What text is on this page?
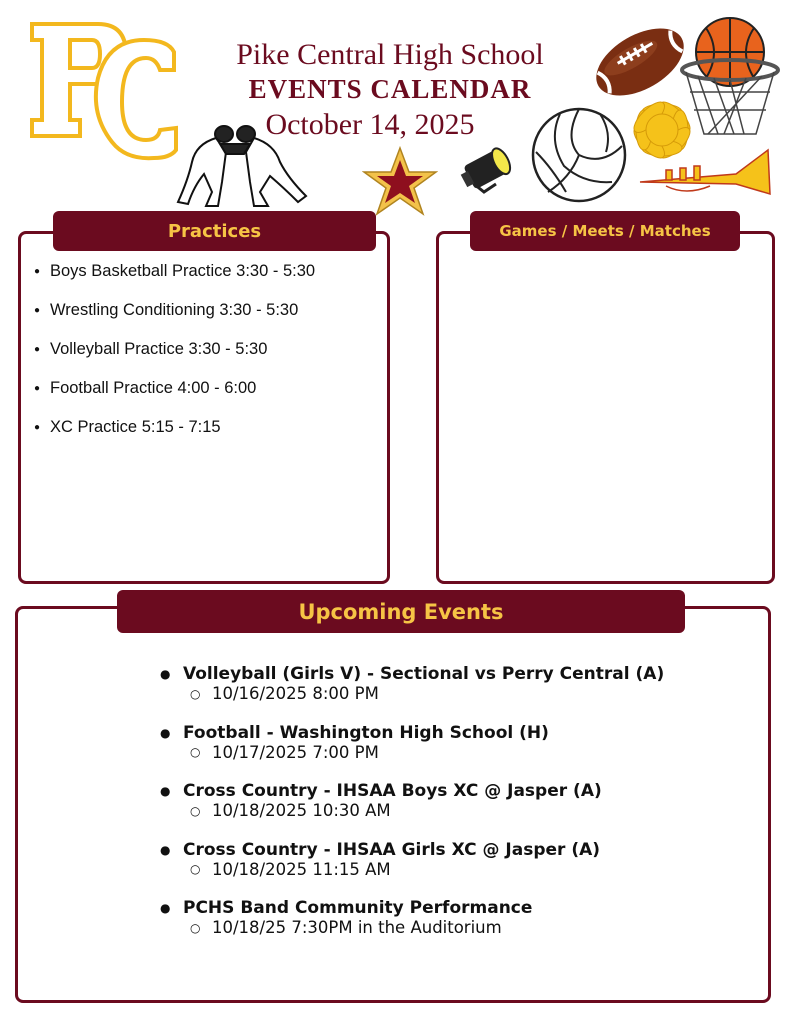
Pike Central High School
EVENTS CALENDAR
October 14, 2025
Practices
● Boys Basketball Practice 3:30 - 5:30
● Wrestling Conditioning 3:30 - 5:30
● Volleyball Practice 3:30 - 5:30
● Football Practice 4:00 - 6:00
● XC Practice 5:15 - 7:15
Games / Meets / Matches
Upcoming Events
● Volleyball (Girls V) - Sectional vs Perry Central (A)
○ 10/16/2025 8:00 PM
● Football - Washington High School (H)
○ 10/17/2025 7:00 PM
● Cross Country - IHSAA Boys XC @ Jasper (A)
○ 10/18/2025 10:30 AM
● Cross Country - IHSAA Girls XC @ Jasper (A)
○ 10/18/2025 11:15 AM
● PCHS Band Community Performance
○ 10/18/25 7:30PM in the Auditorium
